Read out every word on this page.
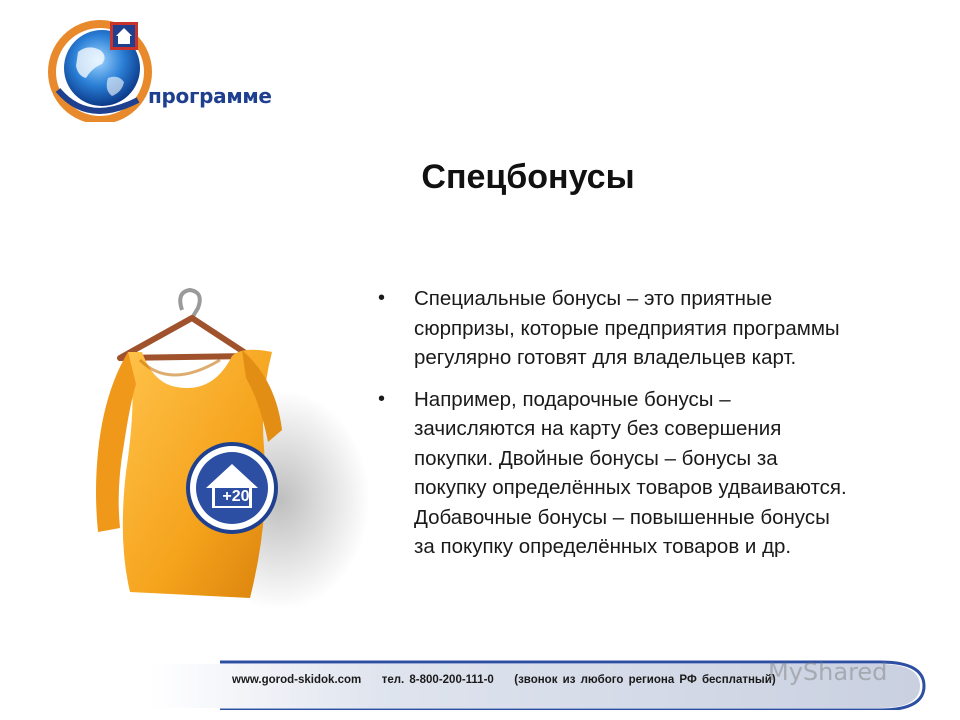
программе
Спецбонусы
+20
• Специальные бонусы – это приятные сюрпризы, которые предприятия программы регулярно готовят для владельцев карт.
• Например, подарочные бонусы – зачисляются на карту без совершения покупки. Двойные бонусы – бонусы за покупку определённых товаров удваиваются. Добавочные бонусы – повышенные бонусы за покупку определённых товаров и др.
www.gorod-skidok.com тел. 8-800-200-111-0 (звонок из любого региона РФ бесплатный)
MyShared
